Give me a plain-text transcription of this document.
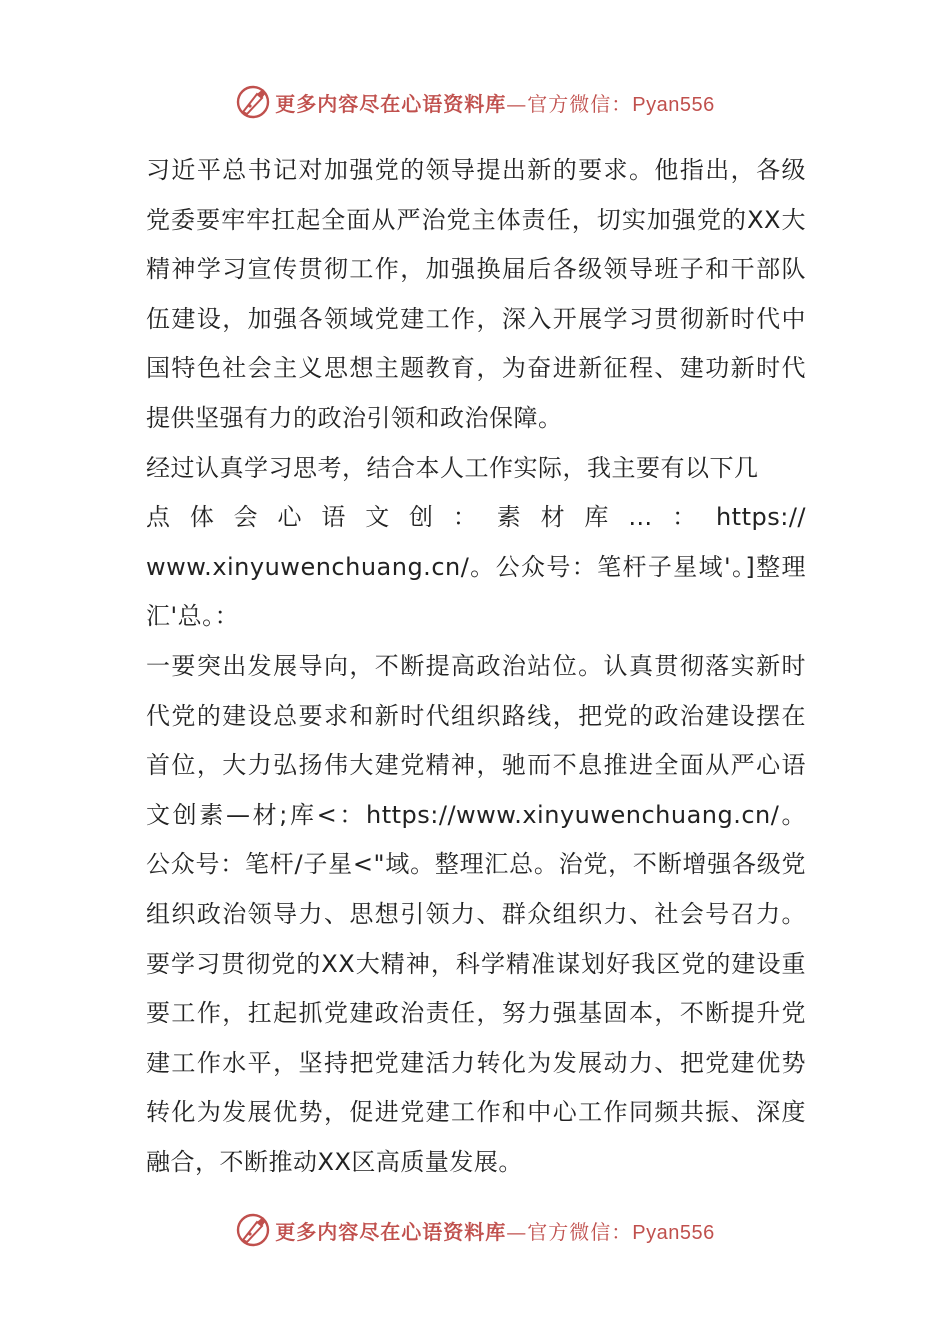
更多内容尽在心语资料库—官方微信：Pyan556

习近平总书记对加强党的领导提出新的要求。他指出，各级党委要牢牢扛起全面从严治党主体责任，切实加强党的XX大精神学习宣传贯彻工作，加强换届后各级领导班子和干部队伍建设，加强各领域党建工作，深入开展学习贯彻新时代中国特色社会主义思想主题教育，为奋进新征程、建功新时代提供坚强有力的政治引领和政治保障。

经过认真学习思考，结合本人工作实际，我主要有以下几

点体会心语文创：素材库…：https://

www.xinyuwenchuang.cn/。公众号：笔杆子星域'。]整理汇'总。：

一要突出发展导向，不断提高政治站位。认真贯彻落实新时代党的建设总要求和新时代组织路线，把党的政治建设摆在首位，大力弘扬伟大建党精神，驰而不息推进全面从严心语文创素—材;库<：https://www.xinyuwenchuang.cn/。公众号：笔杆/子星<"域。整理汇总。治党，不断增强各级党组织政治领导力、思想引领力、群众组织力、社会号召力。要学习贯彻党的XX大精神，科学精准谋划好我区党的建设重要工作，扛起抓党建政治责任，努力强基固本，不断提升党建工作水平，坚持把党建活力转化为发展动力、把党建优势转化为发展优势，促进党建工作和中心工作同频共振、深度融合，不断推动XX区高质量发展。

更多内容尽在心语资料库—官方微信：Pyan556
